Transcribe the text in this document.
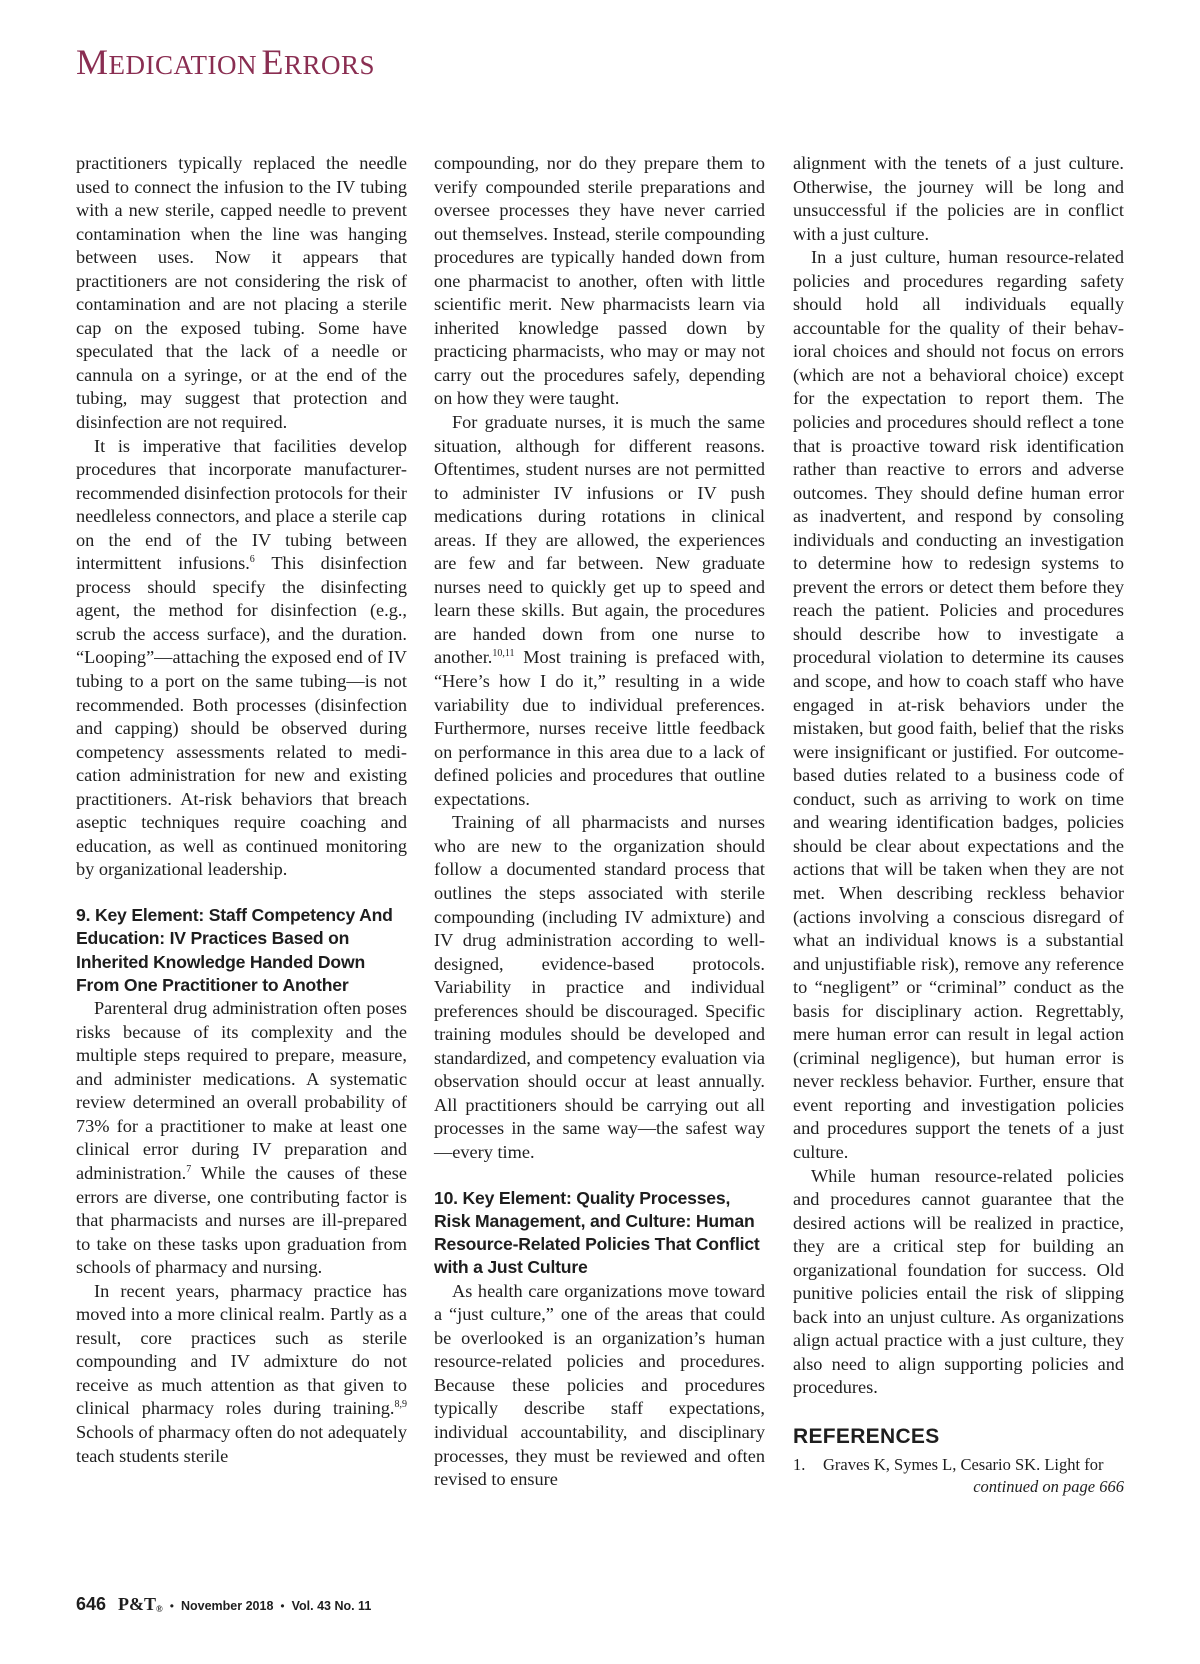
MEDICATION ERRORS

practitioners typically replaced the needle used to connect the infusion to the IV tubing with a new sterile, capped needle to prevent contamination when the line was hanging between uses. Now it appears that practitioners are not considering the risk of contamination and are not placing a sterile cap on the exposed tubing. Some have speculated that the lack of a needle or cannula on a syringe, or at the end of the tubing, may suggest that protection and disinfection are not required.

It is imperative that facilities develop procedures that incorporate manufacturer-recommended disinfection protocols for their needleless connectors, and place a sterile cap on the end of the IV tubing between intermittent infusions.$^6$ This disinfection process should specify the disinfecting agent, the method for disinfection (e.g., scrub the access surface), and the duration. “Looping”—attaching the exposed end of IV tubing to a port on the same tubing—is not recommended. Both processes (disinfection and capping) should be observed during competency assessments related to medication administration for new and existing practitioners. At-risk behaviors that breach aseptic techniques require coaching and education, as well as continued monitoring by organizational leadership.

9. Key Element: Staff Competency And Education: IV Practices Based on Inherited Knowledge Handed Down From One Practitioner to Another

Parenteral drug administration often poses risks because of its complexity and the multiple steps required to prepare, measure, and administer medications. A systematic review determined an overall probability of 73% for a practitioner to make at least one clinical error during IV preparation and administration.$^7$ While the causes of these errors are diverse, one contributing factor is that pharmacists and nurses are ill-prepared to take on these tasks upon graduation from schools of pharmacy and nursing.

In recent years, pharmacy practice has moved into a more clinical realm. Partly as a result, core practices such as sterile compounding and IV admixture do not receive as much attention as that given to clinical pharmacy roles during training.$^{8,9}$ Schools of pharmacy often do not adequately teach students sterile

compounding, nor do they prepare them to verify compounded sterile preparations and oversee processes they have never carried out themselves. Instead, sterile compounding procedures are typically handed down from one pharmacist to another, often with little scientific merit. New pharmacists learn via inherited knowledge passed down by practicing pharmacists, who may or may not carry out the procedures safely, depending on how they were taught.

For graduate nurses, it is much the same situation, although for different reasons. Oftentimes, student nurses are not permitted to administer IV infusions or IV push medications during rotations in clinical areas. If they are allowed, the experiences are few and far between. New graduate nurses need to quickly get up to speed and learn these skills. But again, the procedures are handed down from one nurse to another.$^{10,11}$ Most training is prefaced with, “Here’s how I do it,” resulting in a wide variability due to individual preferences. Furthermore, nurses receive little feedback on performance in this area due to a lack of defined policies and procedures that outline expectations.

Training of all pharmacists and nurses who are new to the organization should follow a documented standard process that outlines the steps associated with sterile compounding (including IV admixture) and IV drug administration according to well-designed, evidence-based protocols. Variability in practice and individual preferences should be discouraged. Specific training modules should be developed and standardized, and competency evaluation via observation should occur at least annually. All practitioners should be carrying out all processes in the same way—the safest way—every time.

10. Key Element: Quality Processes, Risk Management, and Culture: Human Resource-Related Policies That Conflict with a Just Culture

As health care organizations move toward a “just culture,” one of the areas that could be overlooked is an organization’s human resource-related policies and procedures. Because these policies and procedures typically describe staff expectations, individual accountability, and disciplinary processes, they must be reviewed and often revised to ensure

alignment with the tenets of a just culture. Otherwise, the journey will be long and unsuccessful if the policies are in conflict with a just culture.

In a just culture, human resource-related policies and procedures regarding safety should hold all individuals equally accountable for the quality of their behavioral choices and should not focus on errors (which are not a behavioral choice) except for the expectation to report them. The policies and procedures should reflect a tone that is proactive toward risk identification rather than reactive to errors and adverse outcomes. They should define human error as inadvertent, and respond by consoling individuals and conducting an investigation to determine how to redesign systems to prevent the errors or detect them before they reach the patient. Policies and procedures should describe how to investigate a procedural violation to determine its causes and scope, and how to coach staff who have engaged in at-risk behaviors under the mistaken, but good faith, belief that the risks were insignificant or justified. For outcome-based duties related to a business code of conduct, such as arriving to work on time and wearing identification badges, policies should be clear about expectations and the actions that will be taken when they are not met. When describing reckless behavior (actions involving a conscious disregard of what an individual knows is a substantial and unjustifiable risk), remove any reference to “negligent” or “criminal” conduct as the basis for disciplinary action. Regrettably, mere human error can result in legal action (criminal negligence), but human error is never reckless behavior. Further, ensure that event reporting and investigation policies and procedures support the tenets of a just culture.

While human resource-related policies and procedures cannot guarantee that the desired actions will be realized in practice, they are a critical step for building an organizational foundation for success. Old punitive policies entail the risk of slipping back into an unjust culture. As organizations align actual practice with a just culture, they also need to align supporting policies and procedures.

REFERENCES
1.	Graves K, Symes L, Cesario SK. Light for
continued on page 666
646 P&T® • November 2018 • Vol. 43 No. 11
